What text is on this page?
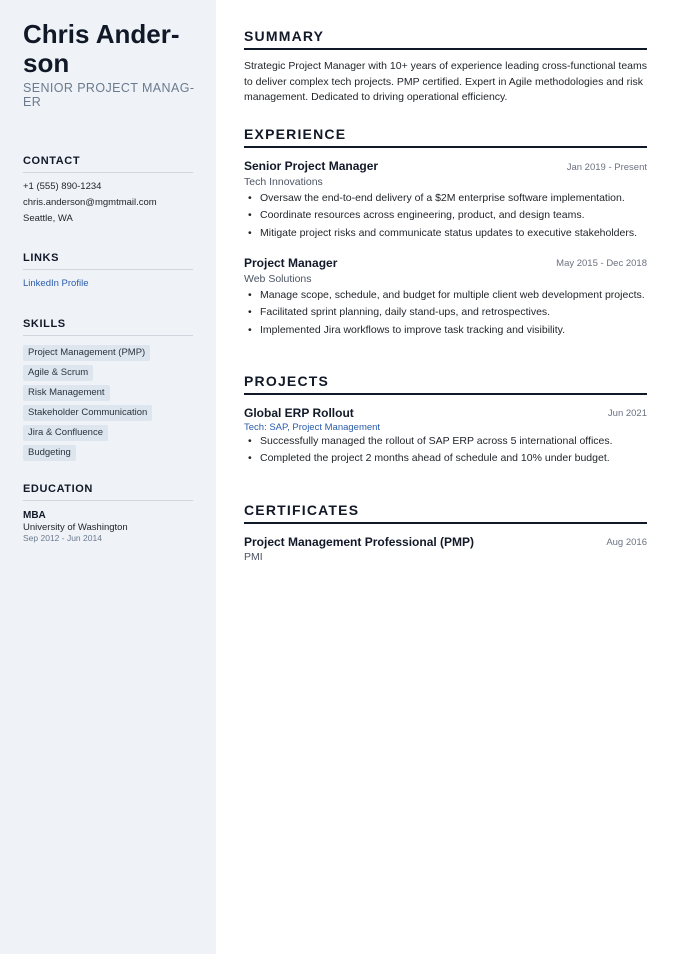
Chris Anderson
SENIOR PROJECT MANAGER
CONTACT
+1 (555) 890-1234
chris.anderson@mgmtmail.com
Seattle, WA
LINKS
LinkedIn Profile
SKILLS
Project Management (PMP)
Agile & Scrum
Risk Management
Stakeholder Communication
Jira & Confluence
Budgeting
EDUCATION
MBA
University of Washington
Sep 2012 - Jun 2014
SUMMARY

Strategic Project Manager with 10+ years of experience leading cross-functional teams to deliver complex tech projects. PMP certified. Expert in Agile methodologies and risk management. Dedicated to driving operational efficiency.

EXPERIENCE
Senior Project Manager	Jan 2019 - Present
Tech Innovations
• Oversaw the end-to-end delivery of a $2M enterprise software implementation.
• Coordinate resources across engineering, product, and design teams.
• Mitigate project risks and communicate status updates to executive stakeholders.
Project Manager	May 2015 - Dec 2018
Web Solutions
• Manage scope, schedule, and budget for multiple client web development projects.
• Facilitated sprint planning, daily stand-ups, and retrospectives.
• Implemented Jira workflows to improve task tracking and visibility.
PROJECTS
Global ERP Rollout	Jun 2021
Tech: SAP, Project Management
• Successfully managed the rollout of SAP ERP across 5 international offices.
• Completed the project 2 months ahead of schedule and 10% under budget.
CERTIFICATES
Project Management Professional (PMP)	Aug 2016
PMI
